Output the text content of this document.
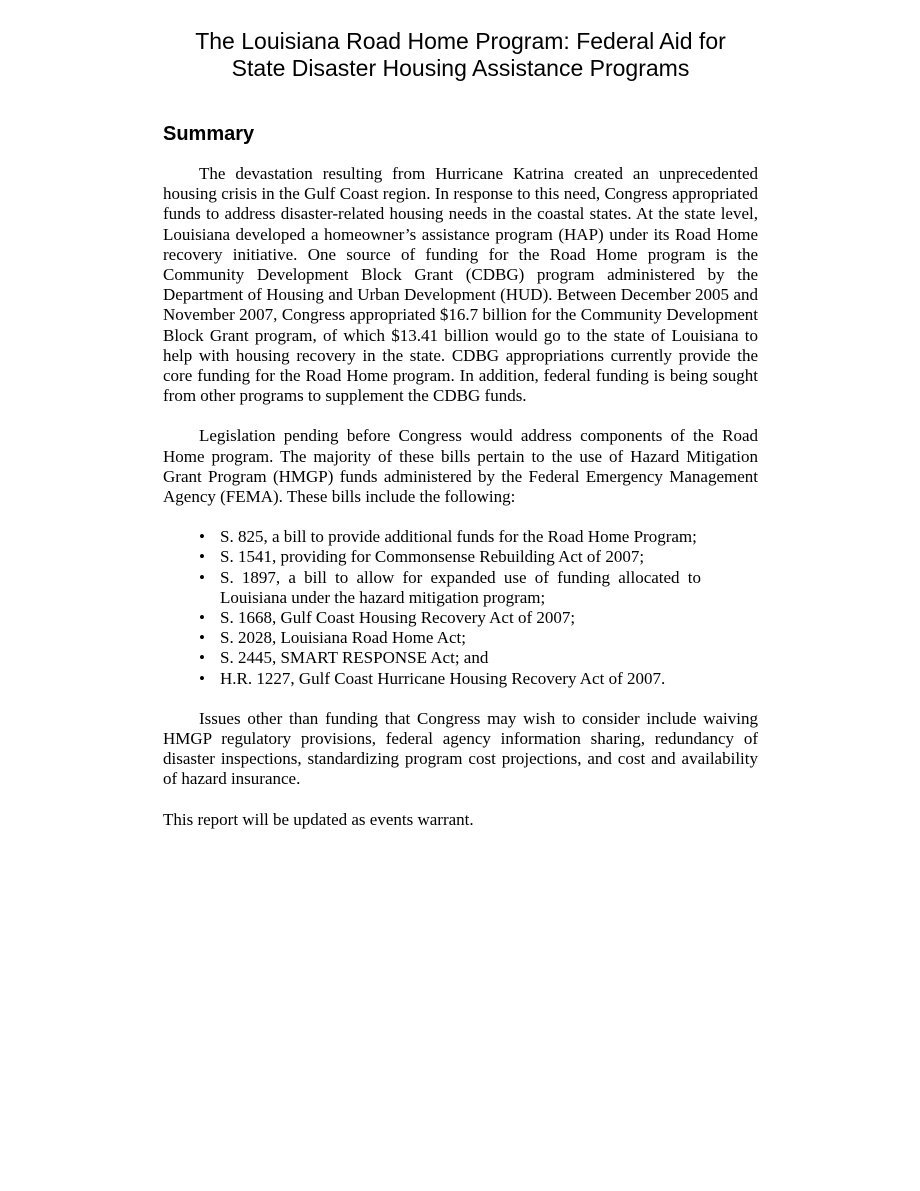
The Louisiana Road Home Program: Federal Aid for
State Disaster Housing Assistance Programs
Summary

The devastation resulting from Hurricane Katrina created an unprecedented housing crisis in the Gulf Coast region. In response to this need, Congress appropriated funds to address disaster-related housing needs in the coastal states. At the state level, Louisiana developed a homeowner’s assistance program (HAP) under its Road Home recovery initiative. One source of funding for the Road Home program is the Community Development Block Grant (CDBG) program administered by the Department of Housing and Urban Development (HUD). Between December 2005 and November 2007, Congress appropriated $16.7 billion for the Community Development Block Grant program, of which $13.41 billion would go to the state of Louisiana to help with housing recovery in the state. CDBG appropriations currently provide the core funding for the Road Home program. In addition, federal funding is being sought from other programs to supplement the CDBG funds.

Legislation pending before Congress would address components of the Road Home program. The majority of these bills pertain to the use of Hazard Mitigation Grant Program (HMGP) funds administered by the Federal Emergency Management Agency (FEMA). These bills include the following:

• S. 825, a bill to provide additional funds for the Road Home Program;
• S. 1541, providing for Commonsense Rebuilding Act of 2007;
• S. 1897, a bill to allow for expanded use of funding allocated to Louisiana under the hazard mitigation program;
• S. 1668, Gulf Coast Housing Recovery Act of 2007;
• S. 2028, Louisiana Road Home Act;
• S. 2445, SMART RESPONSE Act; and
• H.R. 1227, Gulf Coast Hurricane Housing Recovery Act of 2007.

Issues other than funding that Congress may wish to consider include waiving HMGP regulatory provisions, federal agency information sharing, redundancy of disaster inspections, standardizing program cost projections, and cost and availability of hazard insurance.

This report will be updated as events warrant.
